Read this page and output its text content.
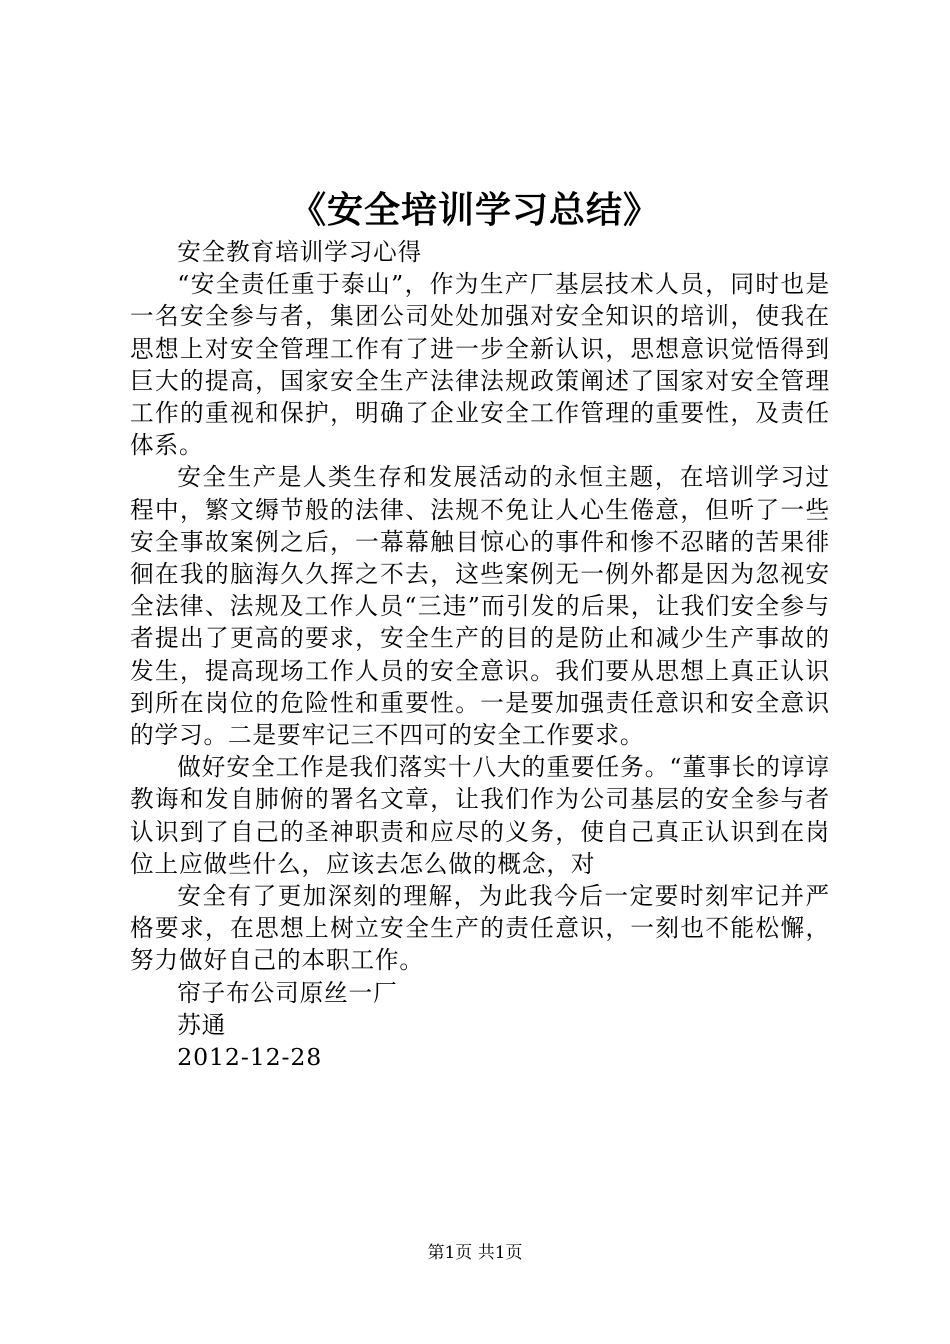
《安全培训学习总结》

安全教育培训学习心得

“安全责任重于泰山”，作为生产厂基层技术人员，同时也是一名安全参与者，集团公司处处加强对安全知识的培训，使我在思想上对安全管理工作有了进一步全新认识，思想意识觉悟得到巨大的提高，国家安全生产法律法规政策阐述了国家对安全管理工作的重视和保护，明确了企业安全工作管理的重要性，及责任体系。

安全生产是人类生存和发展活动的永恒主题，在培训学习过程中，繁文缛节般的法律、法规不免让人心生倦意，但听了一些安全事故案例之后，一幕幕触目惊心的事件和惨不忍睹的苦果徘徊在我的脑海久久挥之不去，这些案例无一例外都是因为忽视安全法律、法规及工作人员“三违”而引发的后果，让我们安全参与者提出了更高的要求，安全生产的目的是防止和减少生产事故的发生，提高现场工作人员的安全意识。我们要从思想上真正认识到所在岗位的危险性和重要性。一是要加强责任意识和安全意识的学习。二是要牢记三不四可的安全工作要求。

做好安全工作是我们落实十八大的重要任务。“董事长的谆谆教诲和发自肺俯的署名文章，让我们作为公司基层的安全参与者认识到了自己的圣神职责和应尽的义务，使自己真正认识到在岗位上应做些什么，应该去怎么做的概念，对

安全有了更加深刻的理解，为此我今后一定要时刻牢记并严格要求，在思想上树立安全生产的责任意识，一刻也不能松懈，努力做好自己的本职工作。

帘子布公司原丝一厂

苏通

2012-12-28

第1页 共1页
